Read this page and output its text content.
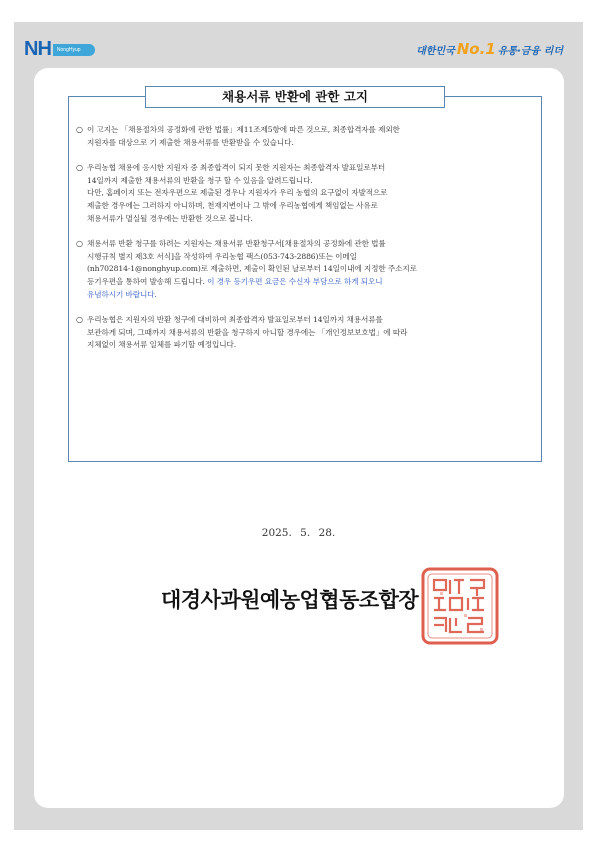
NH	NongHyup	대한민국 No.1 유통·금융 리더
채용서류 반환에 관한 고지
○ 이 고지는 「채용절차의 공정화에 관한 법률」제11조제5항에 따른 것으로, 최종합격자를 제외한
지원자를 대상으로 기 제출한 채용서류를 반환받을 수 있습니다.
○ 우리농협 채용에 응시한 지원자 중 최종합격이 되지 못한 지원자는 최종합격자 발표일로부터
14일까지 제출한 채용서류의 반환을 청구 할 수 있음을 알려드립니다.
다만, 홈페이지 또는 전자우편으로 제출된 경우나 지원자가 우리 농협의 요구없이 자발적으로
제출한 경우에는 그러하지 아니하며, 천재지변이나 그 밖에 우리농협에게 책임없는 사유로
채용서류가 멸실될 경우에는 반환한 것으로 봅니다.
○ 채용서류 반환 청구를 하려는 지원자는 채용서류 반환청구서[채용절차의 공정화에 관한 법률
시행규칙 별지 제3호 서식]을 작성하여 우리농협 팩스(053-743-2886)또는 이메일
(nh702814-1@nonghyup.com)로 제출하면, 제출이 확인된 날로부터 14일이내에 지정한 주소지로
등기우편을 통하여 발송해 드립니다. 이 경우 등기우편 요금은 수신자 부담으로 하게 되오니
유념하시기 바랍니다.
○ 우리농협은 지원자의 반환 청구에 대비하여 최종합격자 발표일로부터 14일까지 채용서류를
보관하게 되며, 그때까지 채용서류의 반환을 청구하지 아니할 경우에는 「개인정보보호법」에 따라
지체없이 채용서류 일체를 파기할 예정입니다.
2025. 5. 28.
대경사과원예농업협동조합장
